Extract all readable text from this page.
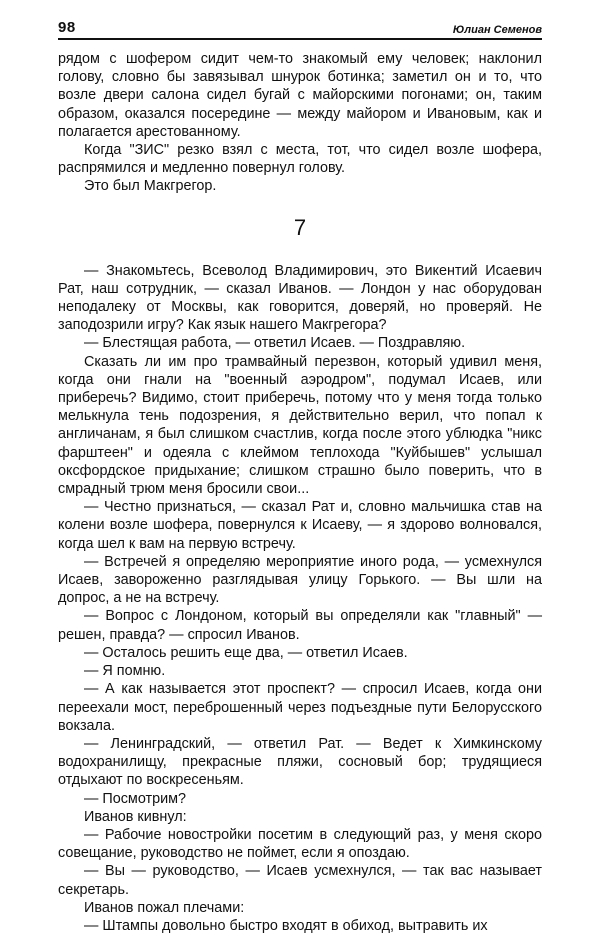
98	Юлиан Семенов

рядом с шофером сидит чем-то знакомый ему человек; наклонил голову, словно бы завязывал шнурок ботинка; заметил он и то, что возле двери салона сидел бугай с майорскими погонами; он, таким образом, оказался посередине — между майором и Ивановым, как и полагается арестованному.

Когда "ЗИС" резко взял с места, тот, что сидел возле шофера, распрямился и медленно повернул голову.

Это был Макгрегор.

7

— Знакомьтесь, Всеволод Владимирович, это Викентий Исаевич Рат, наш сотрудник, — сказал Иванов. — Лондон у нас оборудован неподалеку от Москвы, как говорится, доверяй, но проверяй. Не заподозрили игру? Как язык нашего Макгрегора?

— Блестящая работа, — ответил Исаев. — Поздравляю.

Сказать ли им про трамвайный перезвон, который удивил меня, когда они гнали на "военный аэродром", подумал Исаев, или приберечь? Видимо, стоит приберечь, потому что у меня тогда только мелькнула тень подозрения, я действительно верил, что попал к англичанам, я был слишком счастлив, когда после этого ублюдка "никс фарштеен" и одеяла с клеймом теплохода "Куйбышев" услышал оксфордское придыхание; слишком страшно было поверить, что в смрадный трюм меня бросили свои...

— Честно признаться, — сказал Рат и, словно мальчишка став на колени возле шофера, повернулся к Исаеву, — я здорово волновался, когда шел к вам на первую встречу.

— Встречей я определяю мероприятие иного рода, — усмехнулся Исаев, завороженно разглядывая улицу Горького. — Вы шли на допрос, а не на встречу.

— Вопрос с Лондоном, который вы определяли как "главный" — решен, правда? — спросил Иванов.

— Осталось решить еще два, — ответил Исаев.

— Я помню.

— А как называется этот проспект? — спросил Исаев, когда они переехали мост, переброшенный через подъездные пути Белорусского вокзала.

— Ленинградский, — ответил Рат. — Ведет к Химкинскому водохранилищу, прекрасные пляжи, сосновый бор; трудящиеся отдыхают по воскресеньям.

— Посмотрим?

Иванов кивнул:

— Рабочие новостройки посетим в следующий раз, у меня скоро совещание, руководство не поймет, если я опоздаю.

— Вы — руководство, — Исаев усмехнулся, — так вас называет секретарь.

Иванов пожал плечами:

— Штампы довольно быстро входят в обиход, вытравить их
